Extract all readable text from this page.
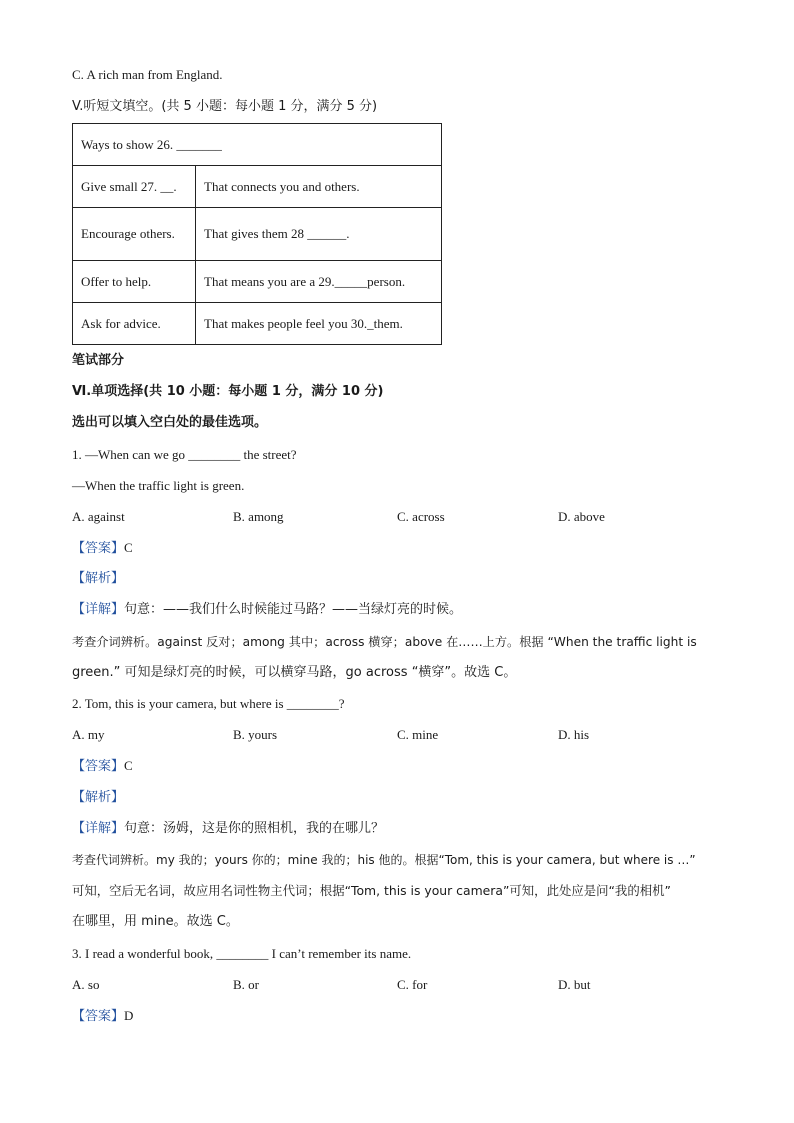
C. A rich man from England.
V.听短文填空。(共 5 小题：每小题 1 分，满分 5 分)
Ways to show 26. _______	
Give small 27. __.	That connects you and others.
Encourage others.	That gives them 28 ______.
Offer to help.	That means you are a 29._____person.
Ask for advice.	That makes people feel you 30._them.
笔试部分
Ⅵ.单项选择(共 10 小题：每小题 1 分，满分 10 分)
选出可以填入空白处的最佳选项。
1. —When can we go ________ the street?
—When the traffic light is green.
A. against	B. among	C. across	D. above
【答案】C
【解析】
【详解】句意：——我们什么时候能过马路？——当绿灯亮的时候。
考查介词辨析。against 反对；among 其中；across 横穿；above 在……上方。根据 “When the traffic light is
green.” 可知是绿灯亮的时候，可以横穿马路，go across “横穿”。故选 C。
2. Tom, this is your camera, but where is ________?
A. my	B. yours	C. mine	D. his
【答案】C
【解析】
【详解】句意：汤姆，这是你的照相机，我的在哪儿？
考查代词辨析。my 我的；yours 你的；mine 我的；his 他的。根据“Tom, this is your camera, but where is …”
可知，空后无名词，故应用名词性物主代词；根据“Tom, this is your camera”可知，此处应是问“我的相机”
在哪里，用 mine。故选 C。
3. I read a wonderful book, ________ I can’t remember its name.
A. so	B. or	C. for	D. but
【答案】D
